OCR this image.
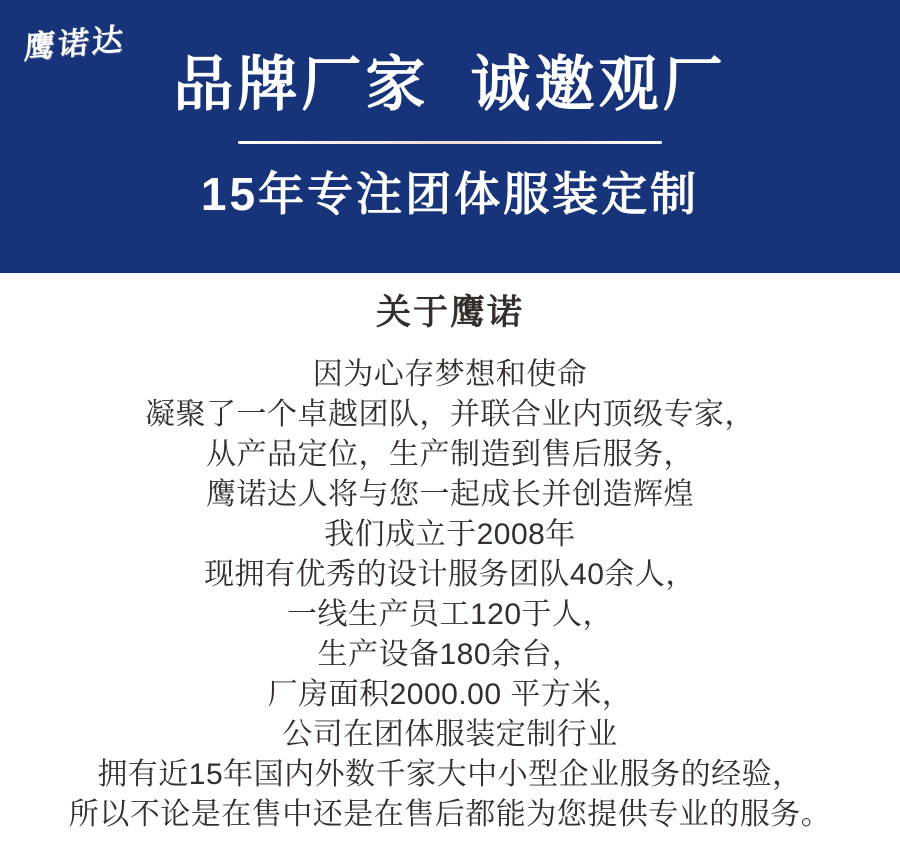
鹰诺达
品牌厂家  诚邀观厂
15年专注团体服装定制
关于鹰诺
因为心存梦想和使命
凝聚了一个卓越团队，并联合业内顶级专家，
从产品定位，生产制造到售后服务，
鹰诺达人将与您一起成长并创造辉煌
我们成立于2008年
现拥有优秀的设计服务团队40余人，
一线生产员工120于人，
生产设备180余台，
厂房面积2000.00 平方米，
公司在团体服装定制行业
拥有近15年国内外数千家大中小型企业服务的经验，
所以不论是在售中还是在售后都能为您提供专业的服务。
